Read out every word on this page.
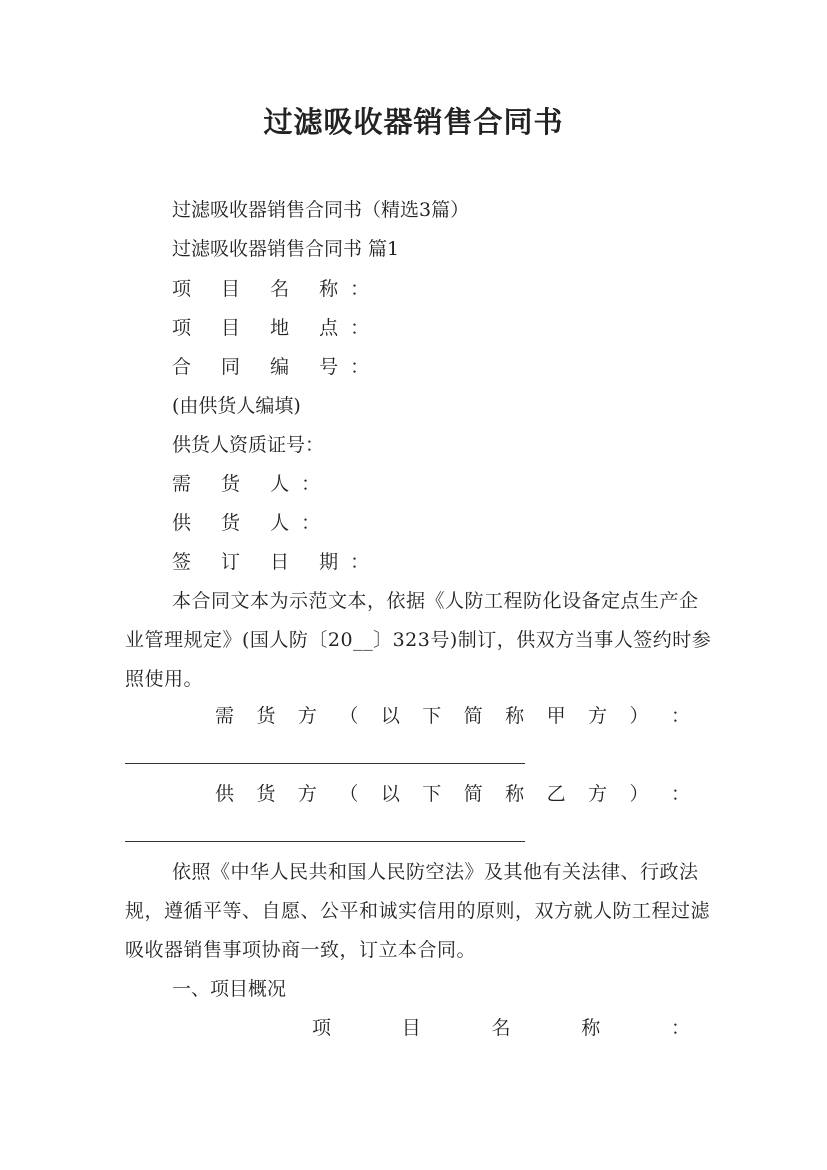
过滤吸收器销售合同书
过滤吸收器销售合同书（精选3篇）
过滤吸收器销售合同书 篇1
项 目 名 称：
项 目 地 点：
合 同 编 号：
(由供货人编填)
供货人资质证号：
需 货 人：
供 货 人：
签 订 日 期：
本合同文本为示范文本，依据《人防工程防化设备定点生产企业管理规定》(国人防〔20__〕323号)制订，供双方当事人签约时参照使用。
需 货 方 （ 以 下 简 称 甲 方 ） ：
供 货 方 （ 以 下 简 称 乙 方 ） ：
依照《中华人民共和国人民防空法》及其他有关法律、行政法规，遵循平等、自愿、公平和诚实信用的原则，双方就人防工程过滤吸收器销售事项协商一致，订立本合同。
一、项目概况
项	目	名	称	：
